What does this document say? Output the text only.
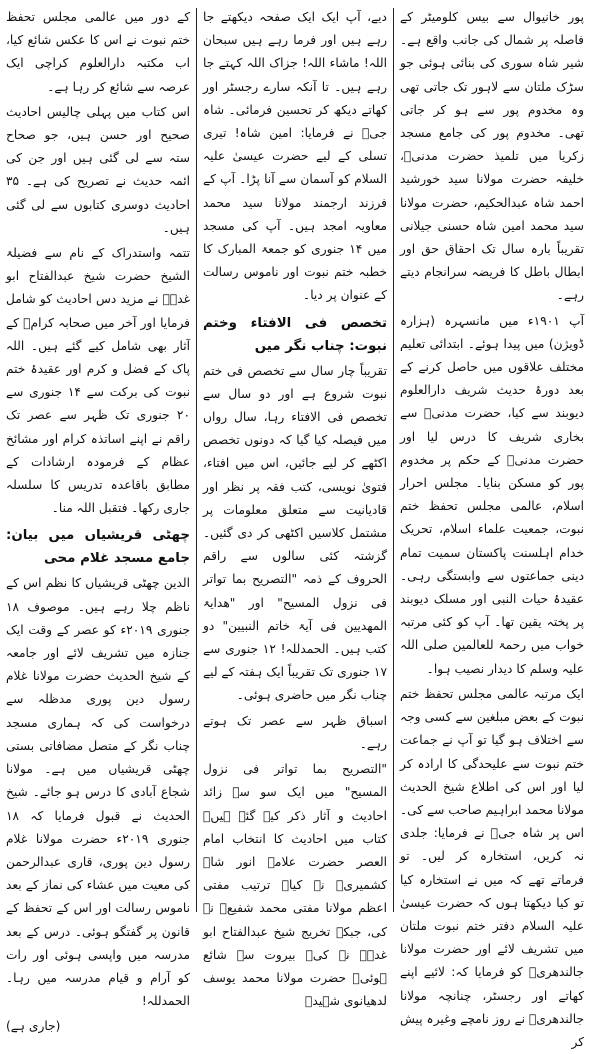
پور خانیوال سے بیس کلومیٹر کے فاصلہ پر شمال کی جانب واقع ہے۔ شیر شاہ سوری کی بنائی ہوئی جو سڑک ملتان سے لاہور تک جاتی تھی وہ مخدوم پور سے ہو کر جاتی تھی۔ مخدوم پور کی جامع مسجد زکریا میں تلمیذ حضرت مدنیؒ، خلیفہ حضرت مولانا سید خورشید احمد شاہ عبدالحکیم، حضرت مولانا سید محمد امین شاہ حسنی جیلانی تقریباً بارہ سال تک احقاق حق اور ابطال باطل کا فریضہ سرانجام دیتے رہے۔

آپ ۱۹۰۱ء میں مانسہرہ (ہزارہ ڈویژن) میں پیدا ہوئے۔ ابتدائی تعلیم مختلف علاقوں میں حاصل کرنے کے بعد دورۂ حدیث شریف دارالعلوم دیوبند سے کیا، حضرت مدنیؒ سے بخاری شریف کا درس لیا اور حضرت مدنیؒ کے حکم پر مخدوم پور کو مسکن بنایا۔ مجلس احرار اسلام، عالمی مجلس تحفظ ختم نبوت، جمعیت علماء اسلام، تحریک خدام اہلسنت پاکستان سمیت تمام دینی جماعتوں سے وابستگی رہی۔ عقیدۂ حیات النبی اور مسلک دیوبند پر پختہ یقین تھا۔ آپ کو کئی مرتبہ خواب میں رحمۃ للعالمین صلی اللہ علیہ وسلم کا دیدار نصیب ہوا۔

ایک مرتبہ عالمی مجلس تحفظ ختم نبوت کے بعض مبلغین سے کسی وجہ سے اختلاف ہو گیا تو آپ نے جماعت ختم نبوت سے علیحدگی کا ارادہ کر لیا اور اس کی اطلاع شیخ الحدیث مولانا محمد ابراہیم صاحب سے کی۔ اس پر شاہ جیؒ نے فرمایا: جلدی نہ کریں، استخارہ کر لیں۔ تو فرماتے تھے کہ میں نے استخارہ کیا تو کیا دیکھتا ہوں کہ حضرت عیسیٰ علیہ السلام دفتر ختم نبوت ملتان میں تشریف لائے اور حضرت مولانا جالندھریؒ کو فرمایا کہ: لائیے اپنے کھاتے اور رجسٹر، چنانچہ مولانا جالندھریؒ نے روز نامچے وغیرہ پیش کر

دیے، آپ ایک ایک صفحہ دیکھتے جا رہے ہیں اور فرما رہے ہیں سبحان اللہ! ماشاء اللہ! جزاک اللہ کہتے جا رہے ہیں۔ تا آنکہ سارے رجسٹر اور کھاتے دیکھ کر تحسین فرمائی۔ شاہ جیؒ نے فرمایا: امین شاہ! تیری تسلی کے لیے حضرت عیسیٰ علیہ السلام کو آسمان سے آنا پڑا۔ آپ کے فرزند ارجمند مولانا سید محمد معاویہ امجد ہیں۔ آپ کی مسجد میں ۱۴ جنوری کو جمعۃ المبارک کا خطبہ ختم نبوت اور ناموس رسالت کے عنوان پر دیا۔

تخصص فی الافتاء وختم نبوت: چناب نگر میں

تقریباً چار سال سے تخصص فی ختم نبوت شروع ہے اور دو سال سے تخصص فی الافتاء رہا، سال رواں میں فیصلہ کیا گیا کہ دونوں تخصص اکٹھے کر لیے جائیں، اس میں افتاء، فتویٰ نویسی، کتب فقہ پر نظر اور قادیانیت سے متعلق معلومات پر مشتمل کلاسیں اکٹھی کر دی گئیں۔ گزشتہ کئی سالوں سے راقم الحروف کے ذمہ "التصریح بما تواتر فی نزول المسیح" اور "ھدایۃ المھدیین فی آیۃ خاتم النبیین" دو کتب ہیں۔ الحمدللہ! ۱۲ جنوری سے ۱۷ جنوری تک تقریباً ایک ہفتہ کے لیے چناب نگر میں حاضری ہوئی۔

اسباق ظہر سے عصر تک ہوتے رہے۔

"التصریح بما تواتر فی نزول المسیح" میں ایک سو سے زائد احادیث و آثار ذکر کیے گئے ہیں۔ کتاب میں احادیث کا انتخاب امام العصر حضرت علامہ انور شاہ کشمیریؒ نے کیا۔ ترتیب مفتی اعظم مولانا مفتی محمد شفیعؒ نے کی، جبکہ تخریج شیخ عبدالفتاح ابو غدہؒ نے کی۔ بیروت سے شائع ہوئی۔ حضرت مولانا محمد یوسف لدھیانوی شہیدؒ

کے دور میں عالمی مجلس تحفظ ختم نبوت نے اس کا عکس شائع کیا، اب مکتبہ دارالعلوم کراچی ایک عرصہ سے شائع کر رہا ہے۔

اس کتاب میں پہلی چالیس احادیث صحیح اور حسن ہیں، جو صحاح ستہ سے لی گئی ہیں اور جن کی ائمہ حدیث نے تصریح کی ہے۔ ۳۵ احادیث دوسری کتابوں سے لی گئی ہیں۔

تتمہ واستدراک کے نام سے فضیلۃ الشیخ حضرت شیخ عبدالفتاح ابو غدہؒ نے مزید دس احادیث کو شامل فرمایا اور آخر میں صحابہ کرامؓ کے آثار بھی شامل کیے گئے ہیں۔ اللہ پاک کے فضل و کرم اور عقیدۂ ختم نبوت کی برکت سے ۱۴ جنوری سے ۲۰ جنوری تک ظہر سے عصر تک راقم نے اپنے اساتذہ کرام اور مشائخ عظام کے فرمودہ ارشادات کے مطابق باقاعدہ تدریس کا سلسلہ جاری رکھا۔ فتقبل اللہ منا۔

چھٹی قریشیاں میں بیان: جامع مسجد غلام محی

الدین چھٹی قریشیاں کا نظم اس کے ناظم چلا رہے ہیں۔ موصوف ۱۸ جنوری ۲۰۱۹ء کو عصر کے وقت ایک جنازہ میں تشریف لائے اور جامعہ کے شیخ الحدیث حضرت مولانا غلام رسول دین پوری مدظلہ سے درخواست کی کہ ہماری مسجد چناب نگر کے متصل مضافاتی بستی چھٹی قریشیاں میں ہے۔ مولانا شجاع آبادی کا درس ہو جائے۔ شیخ الحدیث نے قبول فرمایا کہ ۱۸ جنوری ۲۰۱۹ء حضرت مولانا غلام رسول دین پوری، قاری عبدالرحمن کی معیت میں عشاء کی نماز کے بعد ناموس رسالت اور اس کے تحفظ کے قانون پر گفتگو ہوئی۔ درس کے بعد مدرسہ میں واپسی ہوئی اور رات کو آرام و قیام مدرسہ میں رہا۔ الحمدللہ!

(جاری ہے)
